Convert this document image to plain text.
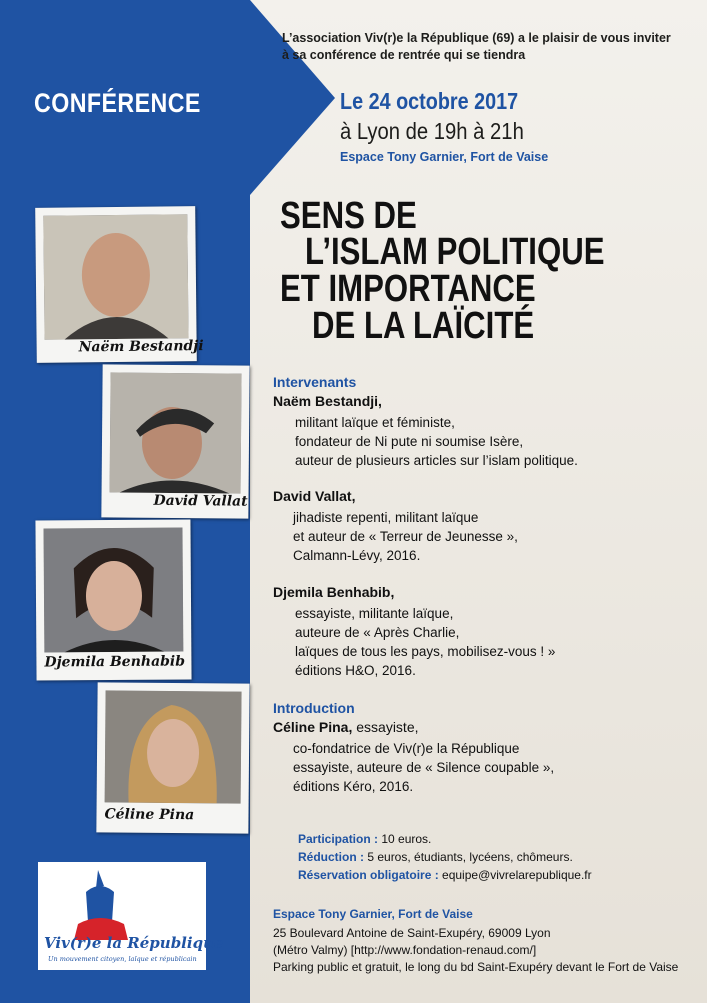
L’association Viv(r)e la République (69) a le plaisir de vous inviter
à sa conférence de rentrée qui se tiendra
CONFÉRENCE	Le 24 octobre 2017
à Lyon de 19h à 21h
Espace Tony Garnier, Fort de Vaise
SENS DE
L’ISLAM POLITIQUE
ET IMPORTANCE
DE LA LAÏCITÉ
Naëm Bestandji
David Vallat
Djemila Benhabib
Céline Pina
Intervenants
Naëm Bestandji,
militant laïque et féministe,
fondateur de Ni pute ni soumise Isère,
auteur de plusieurs articles sur l’islam politique.
David Vallat,
jihadiste repenti, militant laïque
et auteur de « Terreur de Jeunesse »,
Calmann-Lévy, 2016.
Djemila Benhabib,
essayiste, militante laïque,
auteure de « Après Charlie,
laïques de tous les pays, mobilisez-vous ! »
éditions H&O, 2016.
Introduction
Céline Pina, essayiste,
co-fondatrice de Viv(r)e la République
essayiste, auteure de « Silence coupable »,
éditions Kéro, 2016.
Participation : 10 euros.
Réduction : 5 euros, étudiants, lycéens, chômeurs.
Réservation obligatoire : equipe@vivrelarepublique.fr
Espace Tony Garnier, Fort de Vaise
25 Boulevard Antoine de Saint-Exupéry, 69009 Lyon
(Métro Valmy) [http://www.fondation-renaud.com/]
Parking public et gratuit, le long du bd Saint-Exupéry devant le Fort de Vaise
Viv(r)e la République
Un mouvement citoyen, laïque et républicain
